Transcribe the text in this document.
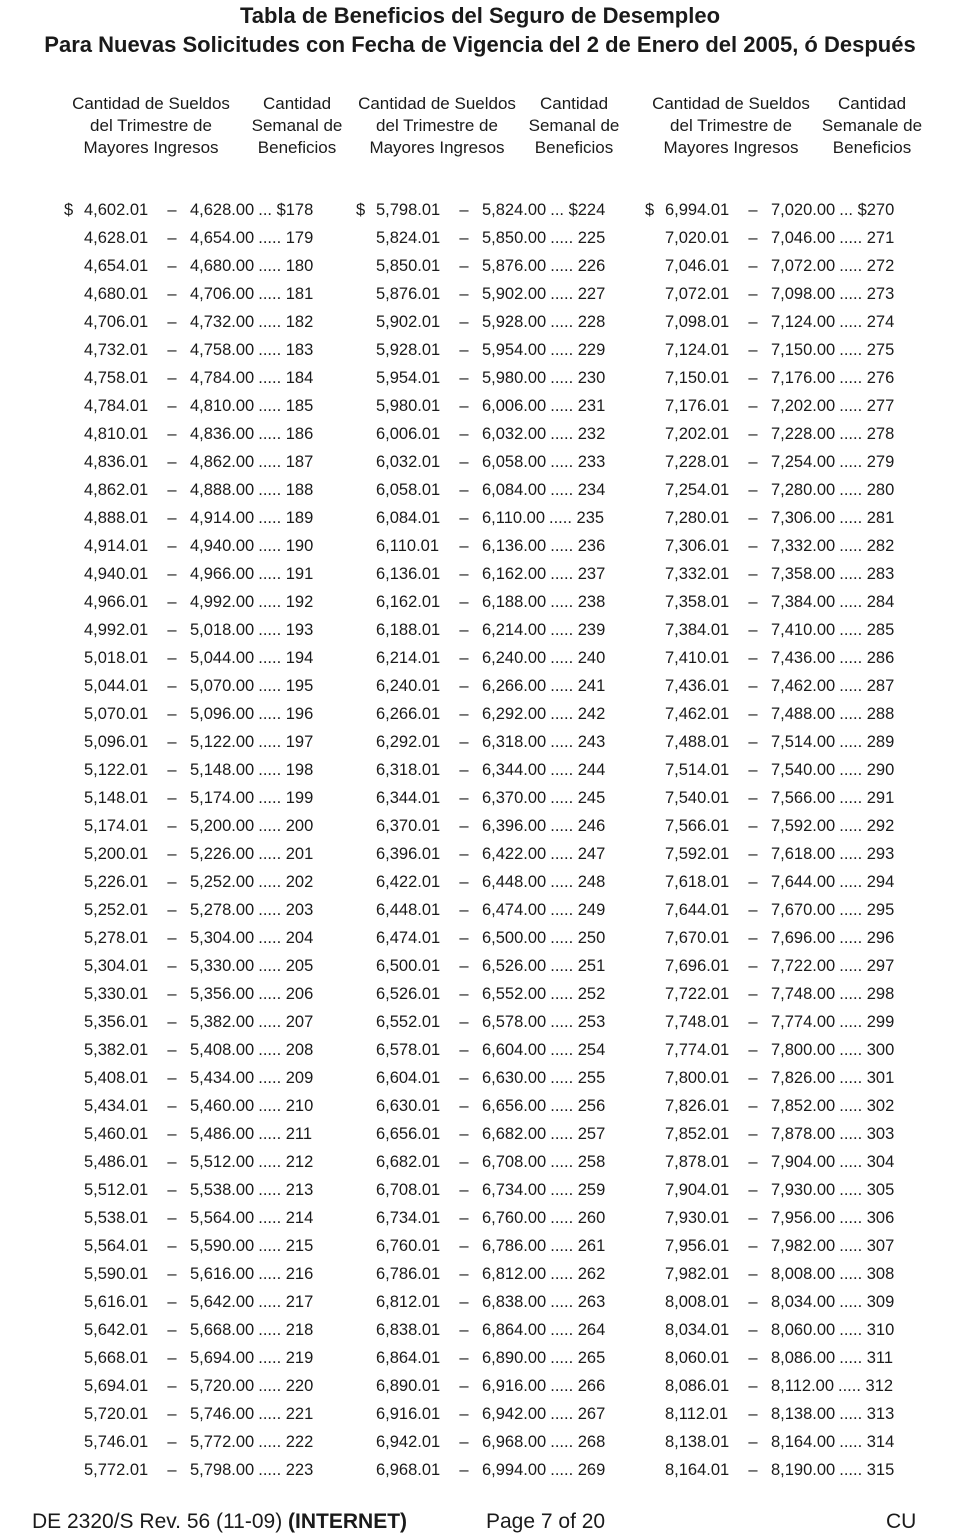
Tabla de Beneficios del Seguro de Desempleo
Para Nuevas Solicitudes con Fecha de Vigencia del 2 de Enero del 2005, ó Después
Cantidad de Sueldos
del Trimestre de
Mayores Ingresos
Cantidad
Semanal de
Beneficios
Cantidad de Sueldos
del Trimestre de
Mayores Ingresos
Cantidad
Semanal de
Beneficios
Cantidad de Sueldos
del Trimestre de
Mayores Ingresos
Cantidad
Semanale de
Beneficios
$ 4,602.01	– 4,628.00 ... $178
4,628.01	– 4,654.00 ..... 179
4,654.01	– 4,680.00 ..... 180
4,680.01	– 4,706.00 ..... 181
4,706.01	– 4,732.00 ..... 182
4,732.01	– 4,758.00 ..... 183
4,758.01	– 4,784.00 ..... 184
4,784.01	– 4,810.00 ..... 185
4,810.01	– 4,836.00 ..... 186
4,836.01	– 4,862.00 ..... 187
4,862.01	– 4,888.00 ..... 188
4,888.01	– 4,914.00 ..... 189
4,914.01	– 4,940.00 ..... 190
4,940.01	– 4,966.00 ..... 191
4,966.01	– 4,992.00 ..... 192
4,992.01	– 5,018.00 ..... 193
5,018.01	– 5,044.00 ..... 194
5,044.01	– 5,070.00 ..... 195
5,070.01	– 5,096.00 ..... 196
5,096.01	– 5,122.00 ..... 197
5,122.01	– 5,148.00 ..... 198
5,148.01	– 5,174.00 ..... 199
5,174.01	– 5,200.00 ..... 200
5,200.01	– 5,226.00 ..... 201
5,226.01	– 5,252.00 ..... 202
5,252.01	– 5,278.00 ..... 203
5,278.01	– 5,304.00 ..... 204
5,304.01	– 5,330.00 ..... 205
5,330.01	– 5,356.00 ..... 206
5,356.01	– 5,382.00 ..... 207
5,382.01	– 5,408.00 ..... 208
5,408.01	– 5,434.00 ..... 209
5,434.01	– 5,460.00 ..... 210
5,460.01	– 5,486.00 ..... 211
5,486.01	– 5,512.00 ..... 212
5,512.01	– 5,538.00 ..... 213
5,538.01	– 5,564.00 ..... 214
5,564.01	– 5,590.00 ..... 215
5,590.01	– 5,616.00 ..... 216
5,616.01	– 5,642.00 ..... 217
5,642.01	– 5,668.00 ..... 218
5,668.01	– 5,694.00 ..... 219
5,694.01	– 5,720.00 ..... 220
5,720.01	– 5,746.00 ..... 221
5,746.01	– 5,772.00 ..... 222
5,772.01	– 5,798.00 ..... 223
$ 5,798.01	– 5,824.00 ... $224
5,824.01	– 5,850.00 ..... 225
5,850.01	– 5,876.00 ..... 226
5,876.01	– 5,902.00 ..... 227
5,902.01	– 5,928.00 ..... 228
5,928.01	– 5,954.00 ..... 229
5,954.01	– 5,980.00 ..... 230
5,980.01	– 6,006.00 ..... 231
6,006.01	– 6,032.00 ..... 232
6,032.01	– 6,058.00 ..... 233
6,058.01	– 6,084.00 ..... 234
6,084.01	– 6,110.00 ..... 235
6,110.01	– 6,136.00 ..... 236
6,136.01	– 6,162.00 ..... 237
6,162.01	– 6,188.00 ..... 238
6,188.01	– 6,214.00 ..... 239
6,214.01	– 6,240.00 ..... 240
6,240.01	– 6,266.00 ..... 241
6,266.01	– 6,292.00 ..... 242
6,292.01	– 6,318.00 ..... 243
6,318.01	– 6,344.00 ..... 244
6,344.01	– 6,370.00 ..... 245
6,370.01	– 6,396.00 ..... 246
6,396.01	– 6,422.00 ..... 247
6,422.01	– 6,448.00 ..... 248
6,448.01	– 6,474.00 ..... 249
6,474.01	– 6,500.00 ..... 250
6,500.01	– 6,526.00 ..... 251
6,526.01	– 6,552.00 ..... 252
6,552.01	– 6,578.00 ..... 253
6,578.01	– 6,604.00 ..... 254
6,604.01	– 6,630.00 ..... 255
6,630.01	– 6,656.00 ..... 256
6,656.01	– 6,682.00 ..... 257
6,682.01	– 6,708.00 ..... 258
6,708.01	– 6,734.00 ..... 259
6,734.01	– 6,760.00 ..... 260
6,760.01	– 6,786.00 ..... 261
6,786.01	– 6,812.00 ..... 262
6,812.01	– 6,838.00 ..... 263
6,838.01	– 6,864.00 ..... 264
6,864.01	– 6,890.00 ..... 265
6,890.01	– 6,916.00 ..... 266
6,916.01	– 6,942.00 ..... 267
6,942.01	– 6,968.00 ..... 268
6,968.01	– 6,994.00 ..... 269
$ 6,994.01	– 7,020.00 ... $270
7,020.01	– 7,046.00 ..... 271
7,046.01	– 7,072.00 ..... 272
7,072.01	– 7,098.00 ..... 273
7,098.01	– 7,124.00 ..... 274
7,124.01	– 7,150.00 ..... 275
7,150.01	– 7,176.00 ..... 276
7,176.01	– 7,202.00 ..... 277
7,202.01	– 7,228.00 ..... 278
7,228.01	– 7,254.00 ..... 279
7,254.01	– 7,280.00 ..... 280
7,280.01	– 7,306.00 ..... 281
7,306.01	– 7,332.00 ..... 282
7,332.01	– 7,358.00 ..... 283
7,358.01	– 7,384.00 ..... 284
7,384.01	– 7,410.00 ..... 285
7,410.01	– 7,436.00 ..... 286
7,436.01	– 7,462.00 ..... 287
7,462.01	– 7,488.00 ..... 288
7,488.01	– 7,514.00 ..... 289
7,514.01	– 7,540.00 ..... 290
7,540.01	– 7,566.00 ..... 291
7,566.01	– 7,592.00 ..... 292
7,592.01	– 7,618.00 ..... 293
7,618.01	– 7,644.00 ..... 294
7,644.01	– 7,670.00 ..... 295
7,670.01	– 7,696.00 ..... 296
7,696.01	– 7,722.00 ..... 297
7,722.01	– 7,748.00 ..... 298
7,748.01	– 7,774.00 ..... 299
7,774.01	– 7,800.00 ..... 300
7,800.01	– 7,826.00 ..... 301
7,826.01	– 7,852.00 ..... 302
7,852.01	– 7,878.00 ..... 303
7,878.01	– 7,904.00 ..... 304
7,904.01	– 7,930.00 ..... 305
7,930.01	– 7,956.00 ..... 306
7,956.01	– 7,982.00 ..... 307
7,982.01	– 8,008.00 ..... 308
8,008.01	– 8,034.00 ..... 309
8,034.01	– 8,060.00 ..... 310
8,060.01	– 8,086.00 ..... 311
8,086.01	– 8,112.00 ..... 312
8,112.01	– 8,138.00 ..... 313
8,138.01	– 8,164.00 ..... 314
8,164.01	– 8,190.00 ..... 315
DE 2320/S Rev. 56 (11-09) (INTERNET)	Page 7 of 20	CU
